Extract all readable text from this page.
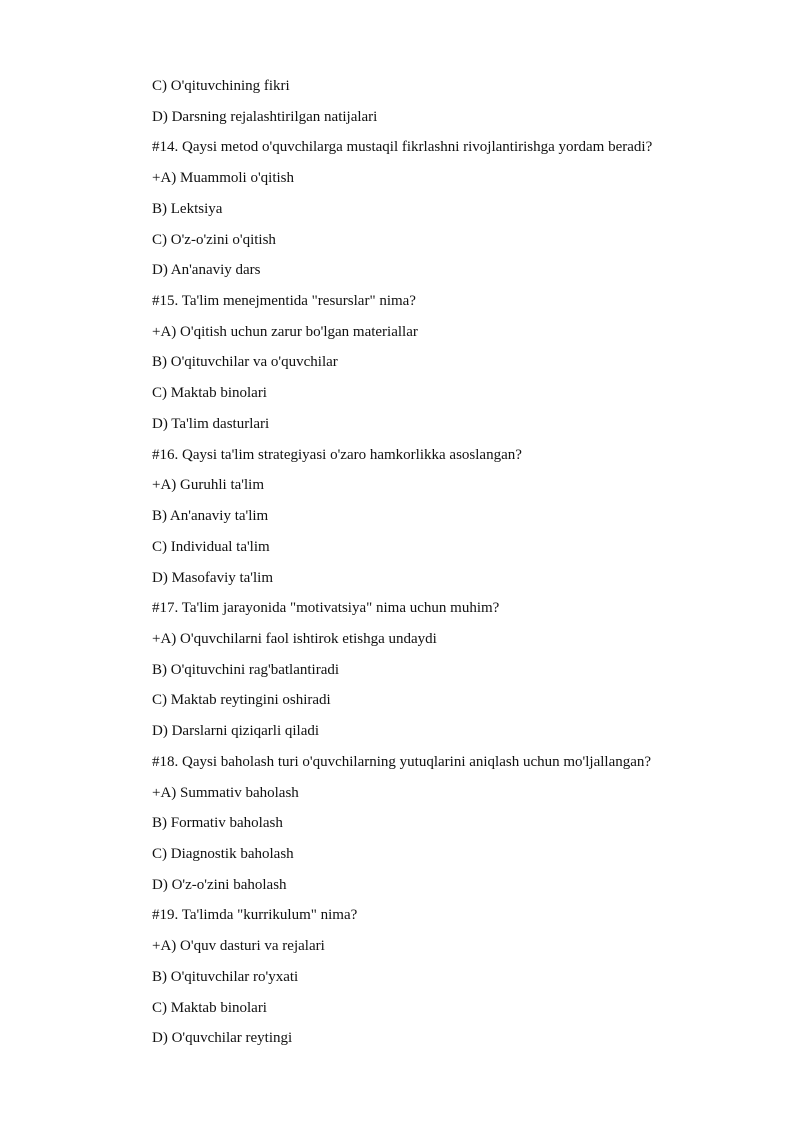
C) O'qituvchining fikri
D) Darsning rejalashtirilgan natijalari
#14. Qaysi metod o'quvchilarga mustaqil fikrlashni rivojlantirishga yordam beradi?
+A) Muammoli o'qitish
B) Lektsiya
C) O'z-o'zini o'qitish
D) An'anaviy dars
#15. Ta'lim menejmentida "resurslar" nima?
+A) O'qitish uchun zarur bo'lgan materiallar
B) O'qituvchilar va o'quvchilar
C) Maktab binolari
D) Ta'lim dasturlari
#16. Qaysi ta'lim strategiyasi o'zaro hamkorlikka asoslangan?
+A) Guruhli ta'lim
B) An'anaviy ta'lim
C) Individual ta'lim
D) Masofaviy ta'lim
#17. Ta'lim jarayonida "motivatsiya" nima uchun muhim?
+A) O'quvchilarni faol ishtirok etishga undaydi
B) O'qituvchini rag'batlantiradi
C) Maktab reytingini oshiradi
D) Darslarni qiziqarli qiladi
#18. Qaysi baholash turi o'quvchilarning yutuqlarini aniqlash uchun mo'ljallangan?
+A) Summativ baholash
B) Formativ baholash
C) Diagnostik baholash
D) O'z-o'zini baholash
#19. Ta'limda "kurrikulum" nima?
+A) O'quv dasturi va rejalari
B) O'qituvchilar ro'yxati
C) Maktab binolari
D) O'quvchilar reytingi
